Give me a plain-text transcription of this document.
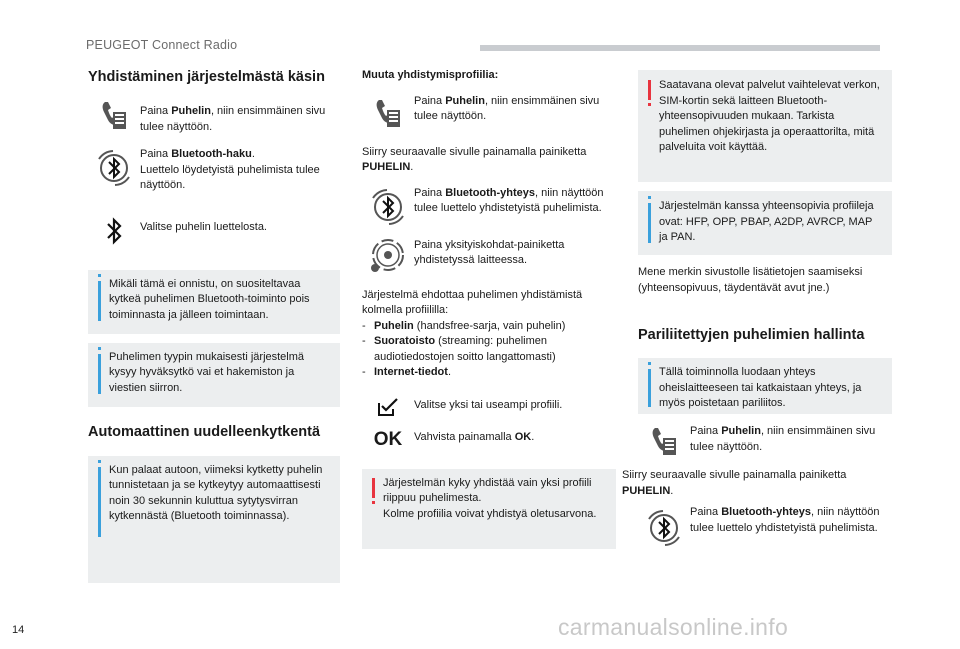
PEUGEOT Connect Radio
Yhdistäminen järjestelmästä käsin
Paina Puhelin, niin ensimmäinen sivu tulee näyttöön.
Paina Bluetooth-haku.
Luettelo löydetyistä puhelimista tulee näyttöön.
Valitse puhelin luettelosta.
Mikäli tämä ei onnistu, on suositeltavaa kytkeä puhelimen Bluetooth-toiminto pois toiminnasta ja jälleen toimintaan.
Puhelimen tyypin mukaisesti järjestelmä kysyy hyväksytkö vai et hakemiston ja viestien siirron.
Automaattinen uudelleenkytkentä
Kun palaat autoon, viimeksi kytketty puhelin tunnistetaan ja se kytkeytyy automaattisesti noin 30 sekunnin kuluttua sytytysvirran kytkennästä (Bluetooth toiminnassa).
Muuta yhdistymisprofiilia:
Paina Puhelin, niin ensimmäinen sivu tulee näyttöön.
Siirry seuraavalle sivulle painamalla painiketta PUHELIN.
Paina Bluetooth-yhteys, niin näyttöön tulee luettelo yhdistetyistä puhelimista.
Paina yksityiskohdat-painiketta yhdistetyssä laitteessa.
Järjestelmä ehdottaa puhelimen yhdistämistä kolmella profiililla:
- Puhelin (handsfree-sarja, vain puhelin)
- Suoratoisto (streaming: puhelimen audiotiedostojen soitto langattomasti)
- Internet-tiedot.
Valitse yksi tai useampi profiili.
OK	Vahvista painamalla OK.
Järjestelmän kyky yhdistää vain yksi profiili riippuu puhelimesta.
Kolme profiilia voivat yhdistyä oletusarvona.
Saatavana olevat palvelut vaihtelevat verkon, SIM-kortin sekä laitteen Bluetooth-yhteensopivuuden mukaan. Tarkista puhelimen ohjekirjasta ja operaattorilta, mitä palveluita voit käyttää.
Järjestelmän kanssa yhteensopivia profiileja ovat: HFP, OPP, PBAP, A2DP, AVRCP, MAP ja PAN.
Mene merkin sivustolle lisätietojen saamiseksi (yhteensopivuus, täydentävät avut jne.)
Pariliitettyjen puhelimien hallinta
Tällä toiminnolla luodaan yhteys oheislaitteeseen tai katkaistaan yhteys, ja myös poistetaan pariliitos.
Paina Puhelin, niin ensimmäinen sivu tulee näyttöön.
Siirry seuraavalle sivulle painamalla painiketta PUHELIN.
Paina Bluetooth-yhteys, niin näyttöön tulee luettelo yhdistetyistä puhelimista.
14	carmanualsonline.info
